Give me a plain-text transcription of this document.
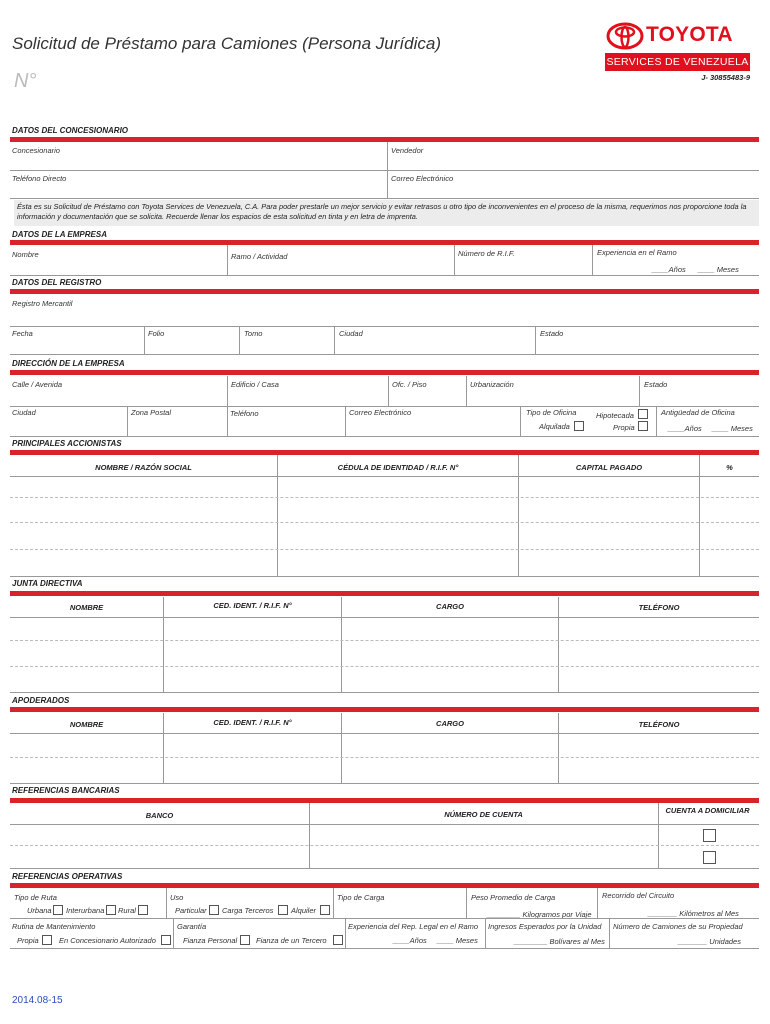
Solicitud de Préstamo para Camiones (Persona Jurídica)
N°
TOYOTA
SERVICES DE VENEZUELA
J- 30855483-9
DATOS DEL CONCESIONARIO
Concesionario	Vendedor
Teléfono Directo	Correo Electrónico
Ésta es su Solicitud de Préstamo con Toyota Services de Venezuela, C.A. Para poder prestarle un mejor servicio y evitar retrasos u otro tipo de inconvenientes en el proceso de la misma, requerimos nos proporcione toda la información y documentación que se solicita. Recuerde llenar los espacios de esta solicitud en tinta y en letra de imprenta.
DATOS DE LA EMPRESA
Nombre	Ramo / Actividad	Número de R.I.F.	Experiencia en el Ramo
____Años ____ Meses
DATOS DEL REGISTRO
Registro Mercantil
Fecha	Folio	Tomo	Ciudad	Estado
DIRECCIÓN DE LA EMPRESA
Calle / Avenida	Edificio / Casa	Ofc. / Piso	Urbanización	Estado
Ciudad	Zona Postal	Teléfono	Correo Electrónico	Tipo de Oficina	Hipotecada
Alquilada	Propia
Antigüedad de Oficina
____Años ____ Meses
PRINCIPALES ACCIONISTAS
NOMBRE / RAZÓN SOCIAL	CÉDULA DE IDENTIDAD / R.I.F. N°	CAPITAL PAGADO	%
JUNTA DIRECTIVA
NOMBRE	CED. IDENT. / R.I.F. N°	CARGO	TELÉFONO
APODERADOS
NOMBRE	CED. IDENT. / R.I.F. N°	CARGO	TELÉFONO
REFERENCIAS BANCARIAS
BANCO	NÚMERO DE CUENTA	CUENTA A DOMICILIAR
REFERENCIAS OPERATIVAS
Tipo de Ruta
Urbana Interurbana Rural
Uso
Particular Carga Terceros Alquiler
Tipo de Carga	Peso Promedio de Carga
________ Kilogramos por Viaje
Recorrido del Circuito
_______ Kilómetros al Mes
Rutina de Mantenimiento
Propia	En Concesionario Autorizado
Garantía
Fianza Personal	Fianza de un Tercero
Experiencia del Rep. Legal en el Ramo
____Años ____ Meses
Ingresos Esperados por la Unidad
________ Bolívares al Mes
Número de Camiones de su Propiedad
_______ Unidades
2014.08-15
